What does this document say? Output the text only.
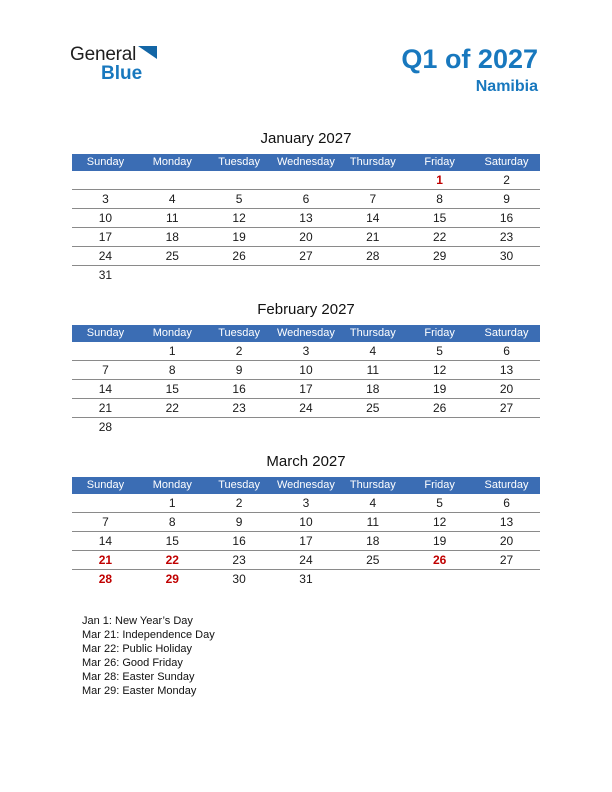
General
Blue	Q1 of 2027
Namibia
January 2027
Sunday	Monday	Tuesday	Wednesday	Thursday	Friday	Saturday
					1	2
3	4	5	6	7	8	9
10	11	12	13	14	15	16
17	18	19	20	21	22	23
24	25	26	27	28	29	30
31						
February 2027
Sunday	Monday	Tuesday	Wednesday	Thursday	Friday	Saturday
	1	2	3	4	5	6
7	8	9	10	11	12	13
14	15	16	17	18	19	20
21	22	23	24	25	26	27
28						
March 2027
Sunday	Monday	Tuesday	Wednesday	Thursday	Friday	Saturday
	1	2	3	4	5	6
7	8	9	10	11	12	13
14	15	16	17	18	19	20
21	22	23	24	25	26	27
28	29	30	31			
Jan 1: New Year’s Day
Mar 21: Independence Day
Mar 22: Public Holiday
Mar 26: Good Friday
Mar 28: Easter Sunday
Mar 29: Easter Monday
